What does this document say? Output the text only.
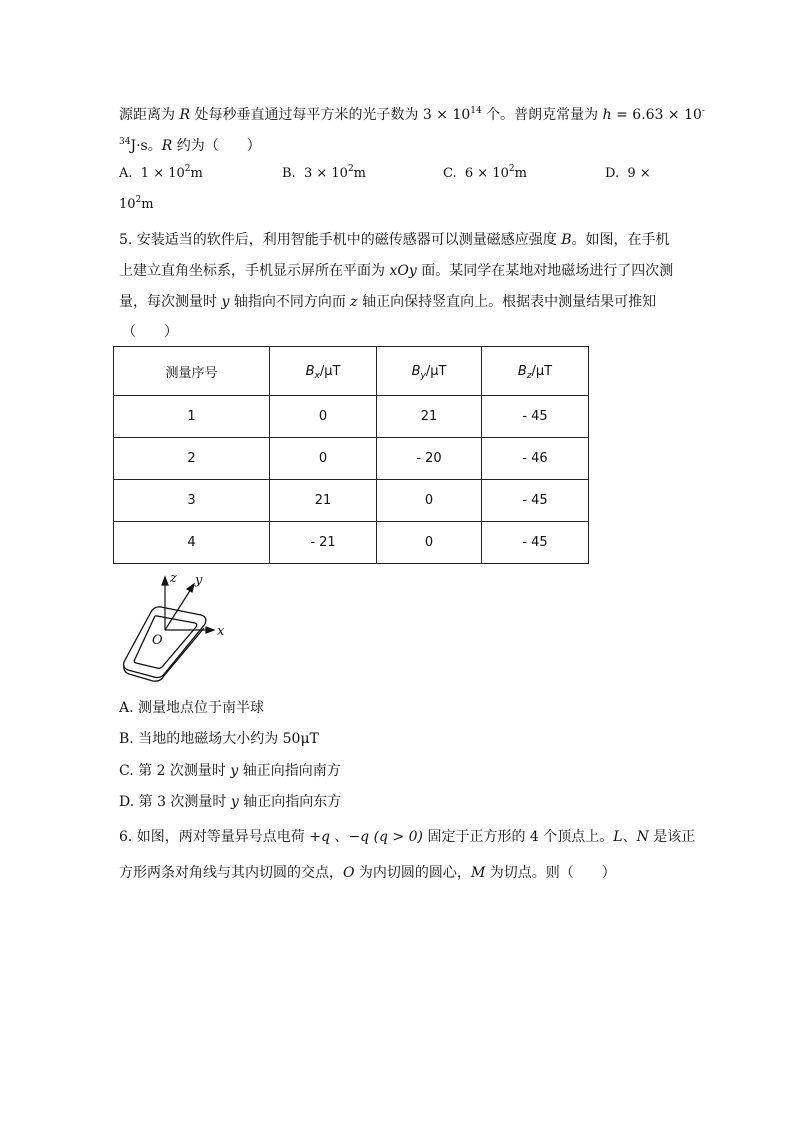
源距离为 R 处每秒垂直通过每平方米的光子数为 $3 \times 10^{14}$ 个。普朗克常量为 h = 6.63 × 10-
$^{34}$J·s。R 约为（　　）
A. $1 \times 10^2m$	B. $3 \times 10^2m$	C. $6 \times 10^2m$	D. 9 ×
$10^2m$
5. 安装适当的软件后，利用智能手机中的磁传感器可以测量磁感应强度 B。如图，在手机
上建立直角坐标系，手机显示屏所在平面为 xOy 面。某同学在某地对地磁场进行了四次测
量，每次测量时 y 轴指向不同方向而 z 轴正向保持竖直向上。根据表中测量结果可推知
（　　）
测量序号	$B_x/\mu T$	$B_y/\mu T$	$B_z/\mu T$
1	0	21	- 45
2	0	- 20	- 46
3	21	0	- 45
4	- 21	0	- 45
z y
x
O
A. 测量地点位于南半球
B. 当地的地磁场大小约为 50μT
C. 第 2 次测量时 y 轴正向指向南方
D. 第 3 次测量时 y 轴正向指向东方
6. 如图，两对等量异号点电荷 +q 、−q (q > 0) 固定于正方形的 4 个顶点上。L、N 是该正
方形两条对角线与其内切圆的交点，O 为内切圆的圆心，M 为切点。则（　　）
